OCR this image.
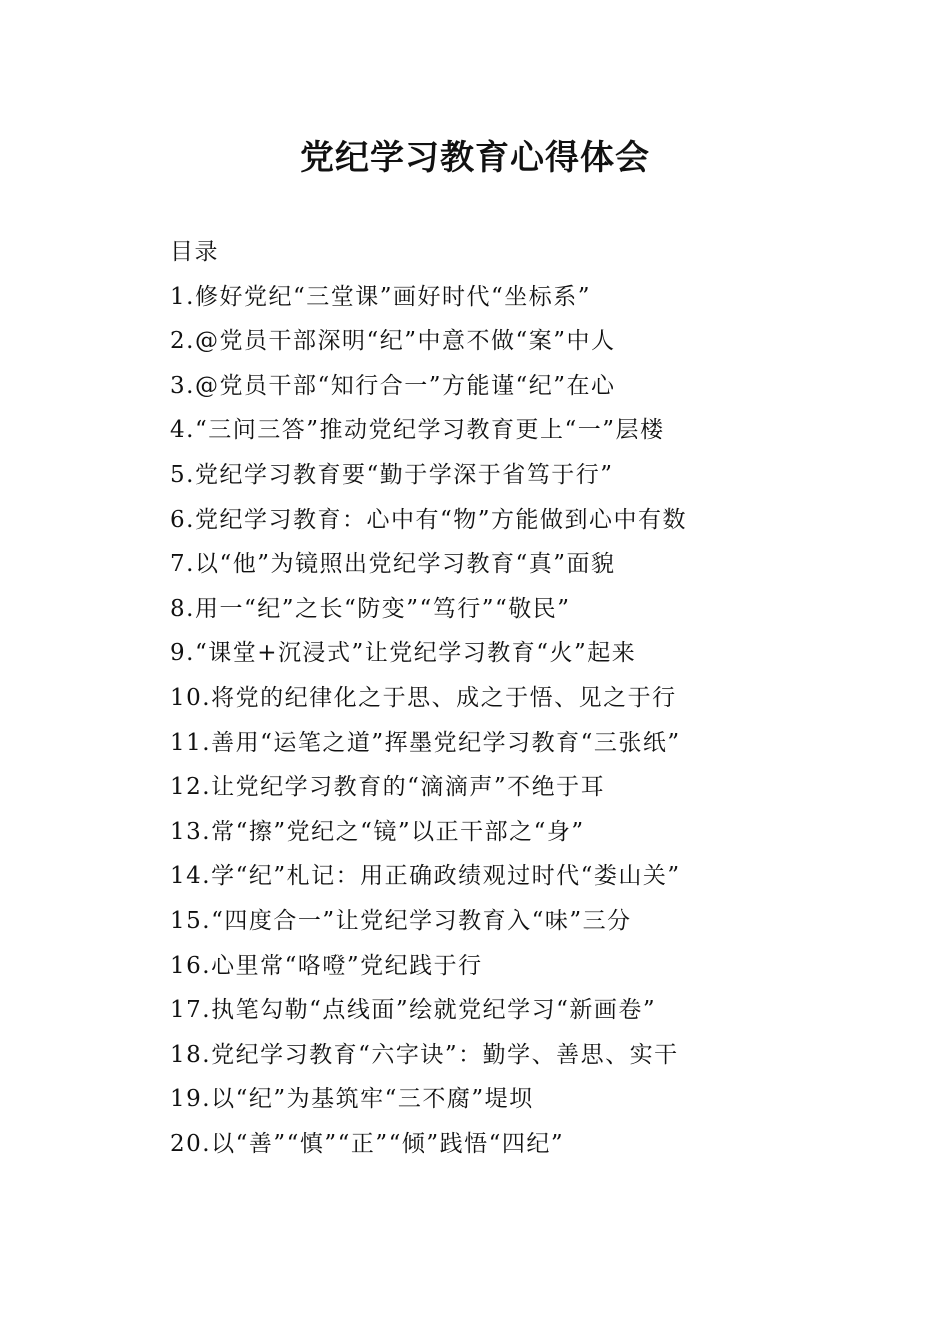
党纪学习教育心得体会
目录
1.修好党纪“三堂课”画好时代“坐标系”
2.@党员干部深明“纪”中意不做“案”中人
3.@党员干部“知行合一”方能谨“纪”在心
4.“三问三答”推动党纪学习教育更上“一”层楼
5.党纪学习教育要“勤于学深于省笃于行”
6.党纪学习教育：心中有“物”方能做到心中有数
7.以“他”为镜照出党纪学习教育“真”面貌
8.用一“纪”之长“防变”“笃行”“敬民”
9.“课堂+沉浸式”让党纪学习教育“火”起来
10.将党的纪律化之于思、成之于悟、见之于行
11.善用“运笔之道”挥墨党纪学习教育“三张纸”
12.让党纪学习教育的“滴滴声”不绝于耳
13.常“擦”党纪之“镜”以正干部之“身”
14.学“纪”札记：用正确政绩观过时代“娄山关”
15.“四度合一”让党纪学习教育入“味”三分
16.心里常“咯噔”党纪践于行
17.执笔勾勒“点线面”绘就党纪学习“新画卷”
18.党纪学习教育“六字诀”：勤学、善思、实干
19.以“纪”为基筑牢“三不腐”堤坝
20.以“善”“慎”“正”“倾”践悟“四纪”
